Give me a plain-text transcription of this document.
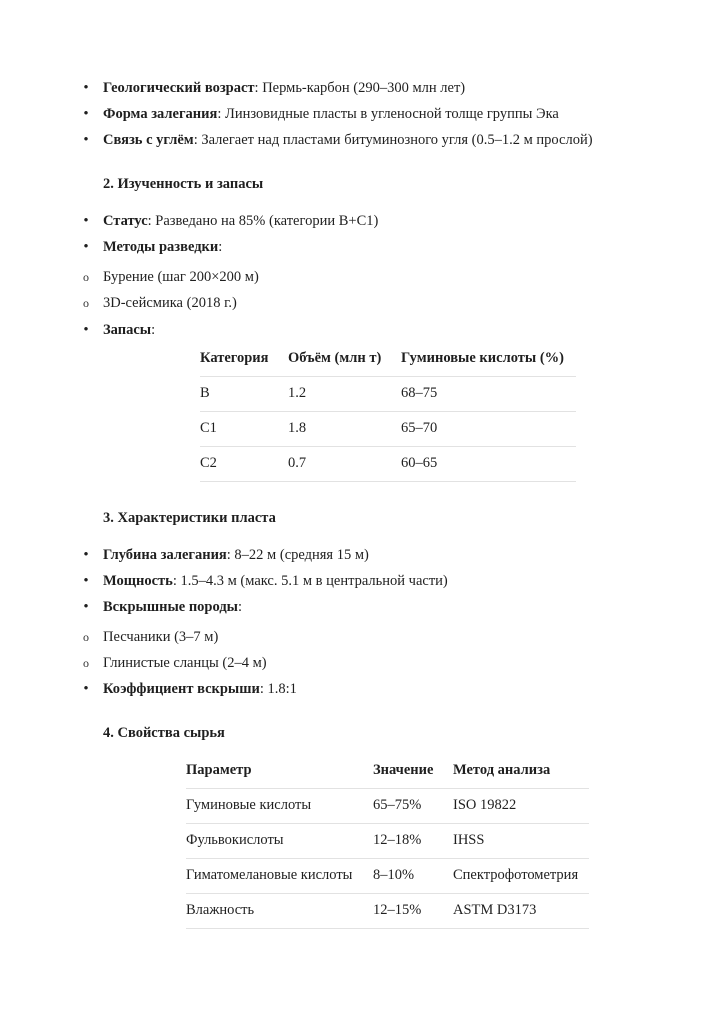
• Геологический возраст: Пермь-карбон (290–300 млн лет)
• Форма залегания: Линзовидные пласты в угленосной толще группы Эка
• Связь с углём: Залегает над пластами битуминозного угля (0.5–1.2 м прослой)
2. Изученность и запасы
• Статус: Разведано на 85% (категории B+C1)
• Методы разведки:
o Бурение (шаг 200×200 м)
o 3D-сейсмика (2018 г.)
• Запасы:
Категория	Объём (млн т)	Гуминовые кислоты (%)
B	1.2	68–75
C1	1.8	65–70
C2	0.7	60–65
3. Характеристики пласта
• Глубина залегания: 8–22 м (средняя 15 м)
• Мощность: 1.5–4.3 м (макс. 5.1 м в центральной части)
• Вскрышные породы:
o Песчаники (3–7 м)
o Глинистые сланцы (2–4 м)
• Коэффициент вскрыши: 1.8:1
4. Свойства сырья
Параметр	Значение	Метод анализа
Гуминовые кислоты	65–75%	ISO 19822
Фульвокислоты	12–18%	IHSS
Гиматомелановые кислоты	8–10%	Спектрофотометрия
Влажность	12–15%	ASTM D3173
